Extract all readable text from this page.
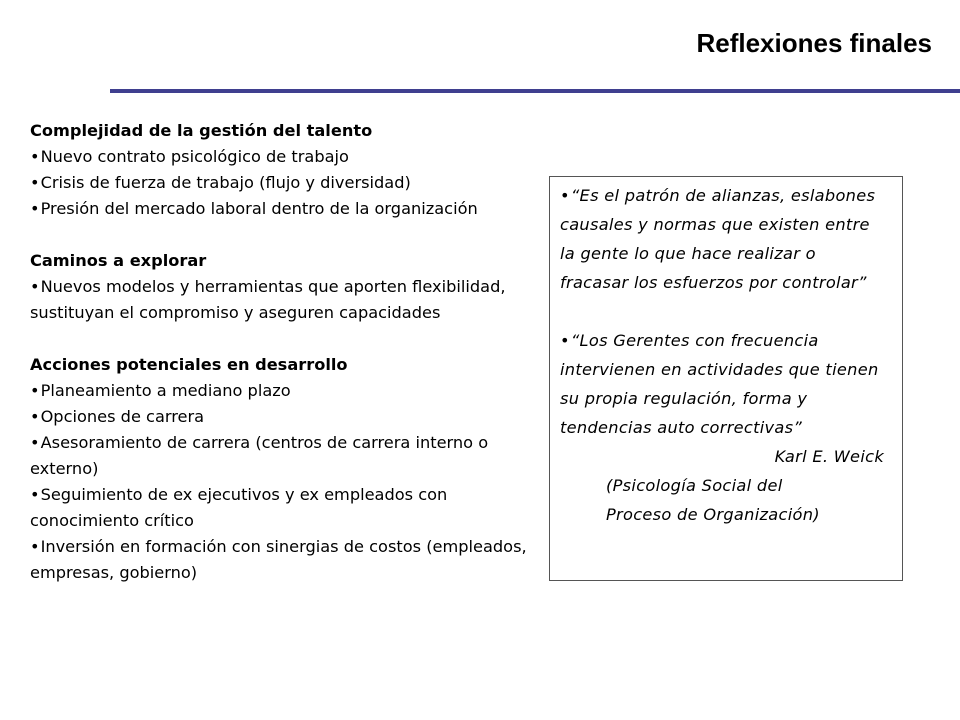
Reflexiones finales
Complejidad de la gestión del talento
•Nuevo contrato psicológico de trabajo
•Crisis de fuerza de trabajo (flujo y diversidad)
•Presión del mercado laboral dentro de la organización
Caminos a explorar
•Nuevos modelos y herramientas que aporten flexibilidad, sustituyan el compromiso y aseguren capacidades
Acciones potenciales en desarrollo
•Planeamiento a mediano plazo
•Opciones de carrera
•Asesoramiento de carrera (centros de carrera interno o externo)
•Seguimiento de ex ejecutivos y ex empleados con conocimiento crítico
•Inversión en formación con sinergias de costos (empleados, empresas, gobierno)
•“Es el patrón de alianzas, eslabones causales y normas que existen entre la gente lo que hace realizar o fracasar los esfuerzos por controlar”
•“Los Gerentes con frecuencia intervienen en actividades que tienen su propia regulación, forma y tendencias auto correctivas”
Karl E. Weick
(Psicología Social del
Proceso de Organización)
